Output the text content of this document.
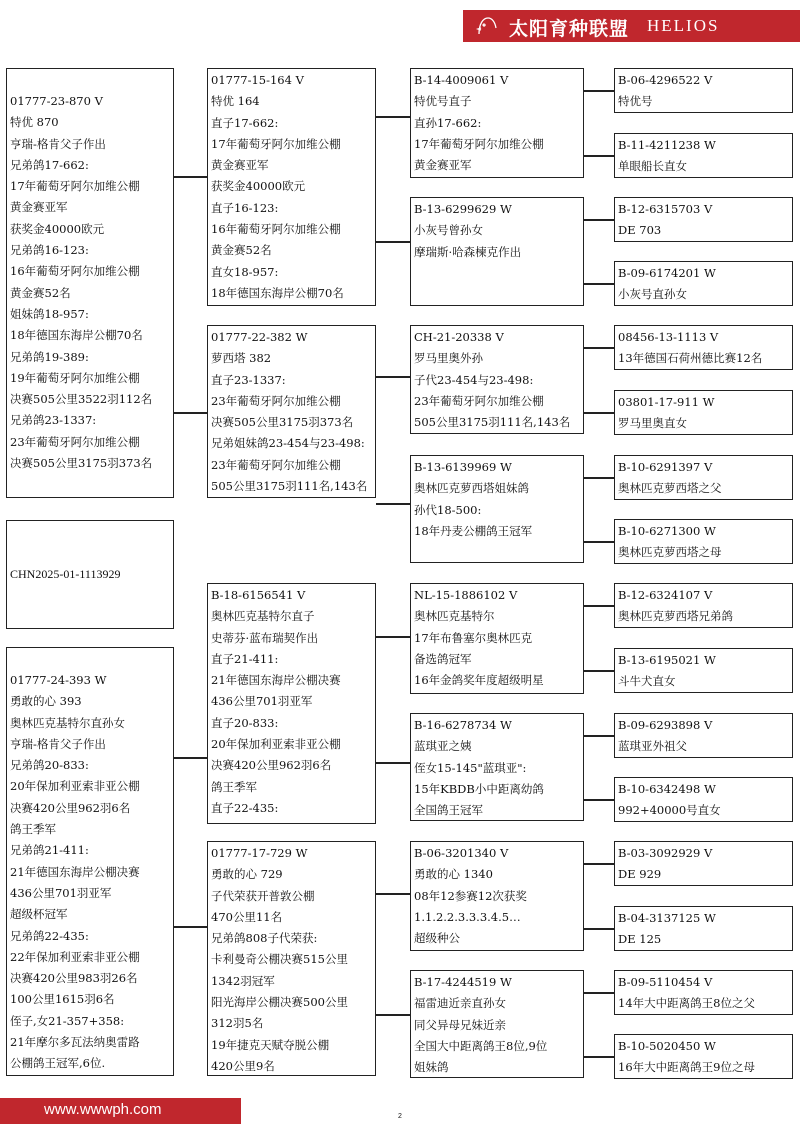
太阳育种联盟 HELIOS
01777-23-870 V
特优 870
亨瑞-格肯父子作出
兄弟鸽17-662:
17年葡萄牙阿尔加维公棚
黄金赛亚军
获奖金40000欧元
兄弟鸽16-123:
16年葡萄牙阿尔加维公棚
黄金赛52名
姐妹鸽18-957:
18年德国东海岸公棚70名
兄弟鸽19-389:
19年葡萄牙阿尔加维公棚
决赛505公里3522羽112名
兄弟鸽23-1337:
23年葡萄牙阿尔加维公棚
决赛505公里3175羽373名
CHN2025-01-1113929
01777-24-393 W
勇敢的心 393
奥林匹克基特尔直孙女
亨瑞-格肯父子作出
兄弟鸽20-833:
20年保加利亚索非亚公棚
决赛420公里962羽6名
鸽王季军
兄弟鸽21-411:
21年德国东海岸公棚决赛
436公里701羽亚军
超级杯冠军
兄弟鸽22-435:
22年保加利亚索非亚公棚
决赛420公里983羽26名
100公里1615羽6名
侄子,女21-357+358:
21年摩尔多瓦法纳奥雷路
公棚鸽王冠军,6位.
01777-15-164 V
特优 164
直子17-662:
17年葡萄牙阿尔加维公棚
黄金赛亚军
获奖金40000欧元
直子16-123:
16年葡萄牙阿尔加维公棚
黄金赛52名
直女18-957:
18年德国东海岸公棚70名
01777-22-382 W
萝西塔 382
直子23-1337:
23年葡萄牙阿尔加维公棚
决赛505公里3175羽373名
兄弟姐妹鸽23-454与23-498:
23年葡萄牙阿尔加维公棚
505公里3175羽111名,143名
B-18-6156541 V
奥林匹克基特尔直子
史蒂芬·蓝布瑞契作出
直子21-411:
21年德国东海岸公棚决赛
436公里701羽亚军
直子20-833:
20年保加利亚索非亚公棚
决赛420公里962羽6名
鸽王季军
直子22-435:
01777-17-729 W
勇敢的心 729
子代荣获开普敦公棚
470公里11名
兄弟鸽808子代荣获:
卡利曼奇公棚决赛515公里
1342羽冠军
阳光海岸公棚决赛500公里
312羽5名
19年捷克天赋夺脱公棚
420公里9名
B-14-4009061 V
特优号直子
直孙17-662:
17年葡萄牙阿尔加维公棚
黄金赛亚军
B-13-6299629 W
小灰号曾孙女
摩瑞斯·哈森楝克作出
CH-21-20338 V
罗马里奥外孙
子代23-454与23-498:
23年葡萄牙阿尔加维公棚
505公里3175羽111名,143名
B-13-6139969 W
奥林匹克萝西塔姐妹鸽
孙代18-500:
18年丹麦公棚鸽王冠军
NL-15-1886102 V
奥林匹克基特尔
17年布鲁塞尔奥林匹克
备选鸽冠军
16年金鸽奖年度超级明星
B-16-6278734 W
蓝琪亚之姨
侄女15-145"蓝琪亚":
15年KBDB小中距离幼鸽
全国鸽王冠军
B-06-3201340 V
勇敢的心 1340
08年12参赛12次获奖
1.1.2.2.3.3.3.4.5…
超级种公
B-17-4244519 W
福雷迪近亲直孙女
同父异母兄妹近亲
全国大中距离鸽王8位,9位
姐妹鸽
B-06-4296522 V
特优号
B-11-4211238 W
单眼船长直女
B-12-6315703 V
DE 703
B-09-6174201 W
小灰号直孙女
08456-13-1113 V
13年德国石荷州德比赛12名
03801-17-911 W
罗马里奥直女
B-10-6291397 V
奥林匹克萝西塔之父
B-10-6271300 W
奥林匹克萝西塔之母
B-12-6324107 V
奥林匹克萝西塔兄弟鸽
B-13-6195021 W
斗牛犬直女
B-09-6293898 V
蓝琪亚外祖父
B-10-6342498 W
992+40000号直女
B-03-3092929 V
DE 929
B-04-3137125 W
DE 125
B-09-5110454 V
14年大中距离鸽王8位之父
B-10-5020450 W
16年大中距离鸽王9位之母
www.wwwph.com	2
